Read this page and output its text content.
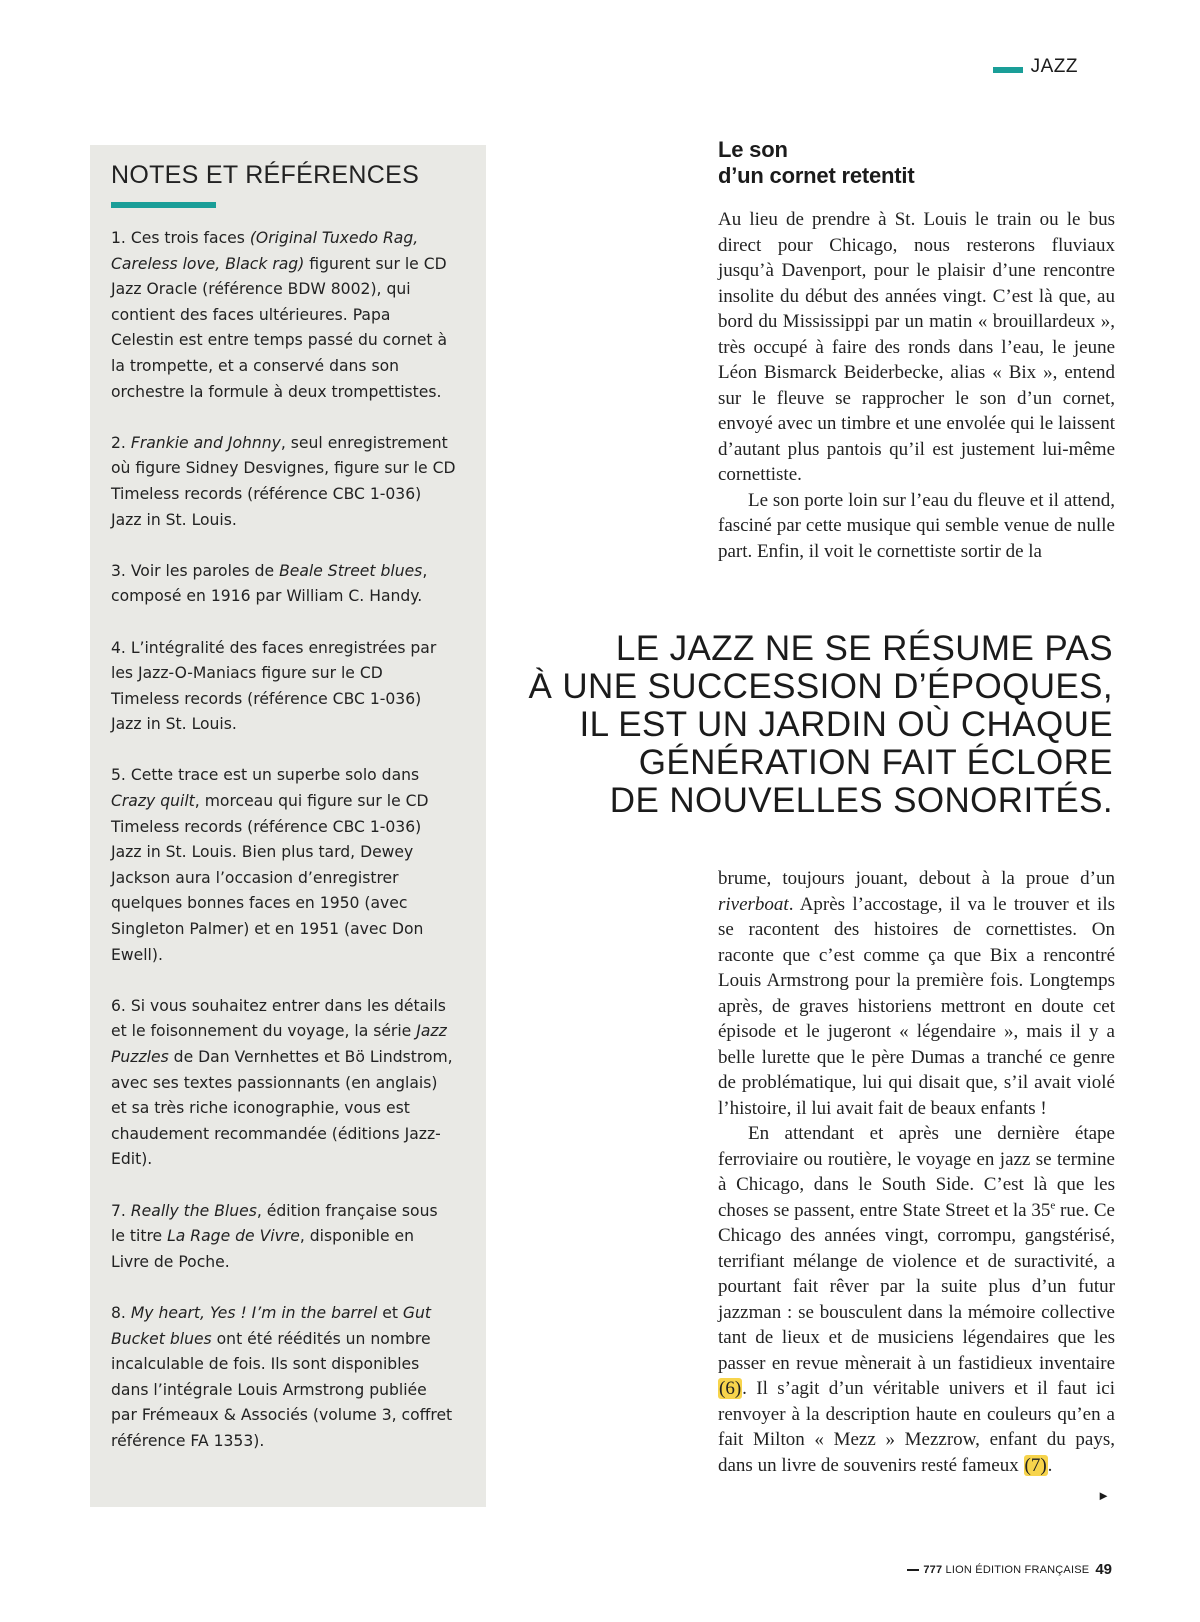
JAZZ
NOTES ET RÉFÉRENCES

1. Ces trois faces (Original Tuxedo Rag, Careless love, Black rag) figurent sur le CD Jazz Oracle (référence BDW 8002), qui contient des faces ultérieures. Papa Celestin est entre temps passé du cornet à la trompette, et a conservé dans son orchestre la formule à deux trompettistes.

2. Frankie and Johnny, seul enregistrement où figure Sidney Desvignes, figure sur le CD Timeless records (référence CBC 1-036) Jazz in St. Louis.

3. Voir les paroles de Beale Street blues, composé en 1916 par William C. Handy.

4. L’intégralité des faces enregistrées par les Jazz-O-Maniacs figure sur le CD Timeless records (référence CBC 1-036) Jazz in St. Louis.

5. Cette trace est un superbe solo dans Crazy quilt, morceau qui figure sur le CD Timeless records (référence CBC 1-036) Jazz in St. Louis. Bien plus tard, Dewey Jackson aura l’occasion d’enregistrer quelques bonnes faces en 1950 (avec Singleton Palmer) et en 1951 (avec Don Ewell).

6. Si vous souhaitez entrer dans les détails et le foisonnement du voyage, la série Jazz Puzzles de Dan Vernhettes et Bö Lindstrom, avec ses textes passionnants (en anglais) et sa très riche iconographie, vous est chaudement recommandée (éditions Jazz-Edit).

7. Really the Blues, édition française sous le titre La Rage de Vivre, disponible en Livre de Poche.

8. My heart, Yes ! I’m in the barrel et Gut Bucket blues ont été réédités un nombre incalculable de fois. Ils sont disponibles dans l’intégrale Louis Armstrong publiée par Frémeaux & Associés (volume 3, coffret référence FA 1353).

Le son
d’un cornet retentit

Au lieu de prendre à St. Louis le train ou le bus direct pour Chicago, nous resterons fluviaux jusqu’à Davenport, pour le plaisir d’une rencontre insolite du début des années vingt. C’est là que, au bord du Mississippi par un matin « brouillardeux », très occupé à faire des ronds dans l’eau, le jeune Léon Bismarck Beiderbecke, alias « Bix », entend sur le fleuve se rapprocher le son d’un cornet, envoyé avec un timbre et une envolée qui le laissent d’autant plus pantois qu’il est justement lui-même cornettiste.

Le son porte loin sur l’eau du fleuve et il attend, fasciné par cette musique qui semble venue de nulle part. Enfin, il voit le cornettiste sortir de la

LE JAZZ NE SE RÉSUME PAS
À UNE SUCCESSION D’ÉPOQUES,
IL EST UN JARDIN OÙ CHAQUE
GÉNÉRATION FAIT ÉCLORE
DE NOUVELLES SONORITÉS.

brume, toujours jouant, debout à la proue d’un riverboat. Après l’accostage, il va le trouver et ils se racontent des histoires de cornettistes. On raconte que c’est comme ça que Bix a rencontré Louis Armstrong pour la première fois. Longtemps après, de graves historiens mettront en doute cet épisode et le jugeront « légendaire », mais il y a belle lurette que le père Dumas a tranché ce genre de problématique, lui qui disait que, s’il avait violé l’histoire, il lui avait fait de beaux enfants !

En attendant et après une dernière étape ferroviaire ou routière, le voyage en jazz se termine à Chicago, dans le South Side. C’est là que les choses se passent, entre State Street et la 35e rue. Ce Chicago des années vingt, corrompu, gangstérisé, terrifiant mélange de violence et de suractivité, a pourtant fait rêver par la suite plus d’un futur jazzman : se bousculent dans la mémoire collective tant de lieux et de musiciens légendaires que les passer en revue mènerait à un fastidieux inventaire (6). Il s’agit d’un véritable univers et il faut ici renvoyer à la description haute en couleurs qu’en a fait Milton « Mezz » Mezzrow, enfant du pays, dans un livre de souvenirs resté fameux (7).

►
777 LION ÉDITION FRANÇAISE 49
